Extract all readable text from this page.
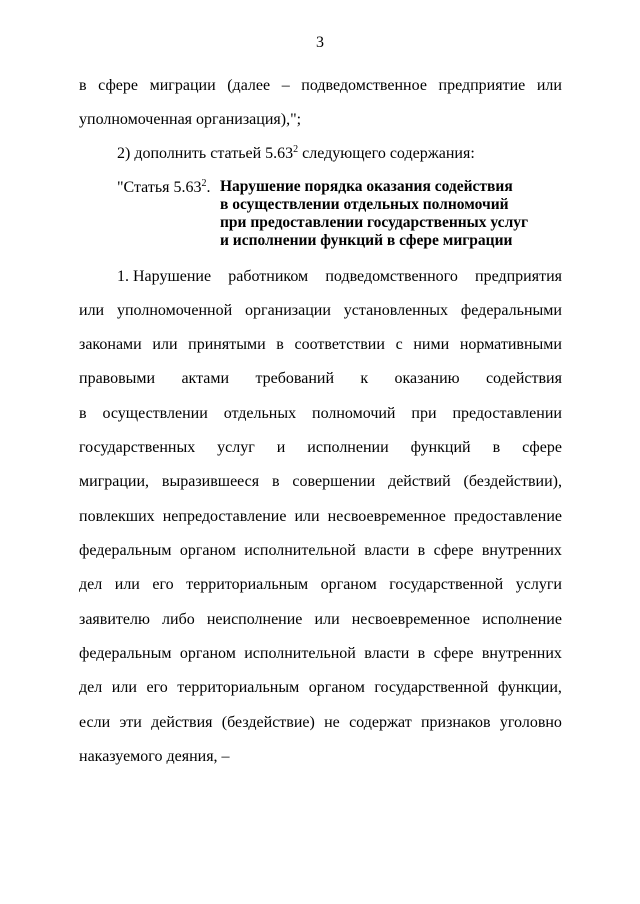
3
в сфере миграции (далее – подведомственное предприятие или
уполномоченная организация),";
2) дополнить статьей 5.63$^2$ следующего содержания:
"Статья 5.63$^2$. Нарушение порядка оказания содействия
в осуществлении отдельных полномочий
при предоставлении государственных услуг
и исполнении функций в сфере миграции
1. Нарушение работником подведомственного предприятия
или уполномоченной организации установленных федеральными
законами или принятыми в соответствии с ними нормативными
правовыми актами требований к оказанию содействия
в осуществлении отдельных полномочий при предоставлении
государственных услуг и исполнении функций в сфере
миграции, выразившееся в совершении действий (бездействии),
повлекших непредоставление или несвоевременное предоставление
федеральным органом исполнительной власти в сфере внутренних
дел или его территориальным органом государственной услуги
заявителю либо неисполнение или несвоевременное исполнение
федеральным органом исполнительной власти в сфере внутренних
дел или его территориальным органом государственной функции,
если эти действия (бездействие) не содержат признаков уголовно
наказуемого деяния, –
